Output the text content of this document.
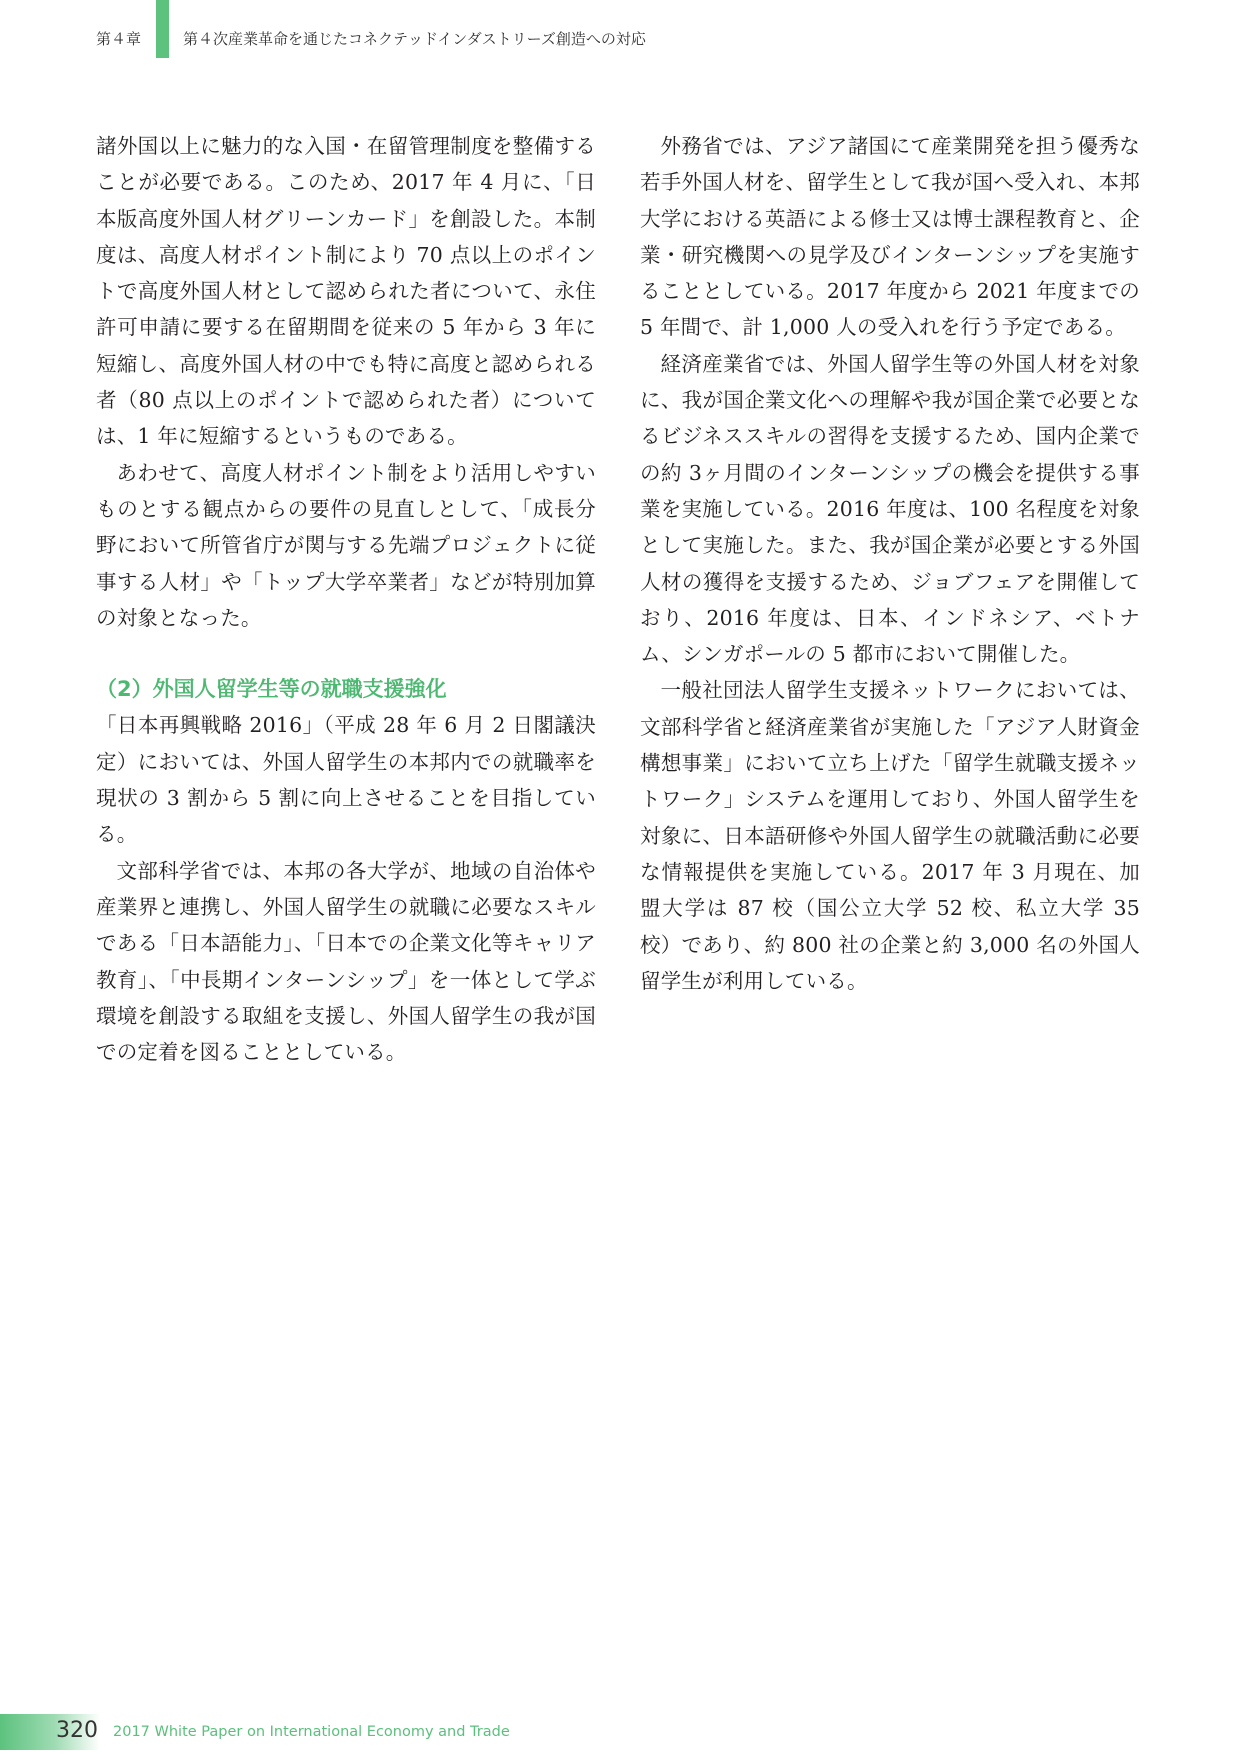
第４章	第４次産業革命を通じたコネクテッドインダストリーズ創造への対応

諸外国以上に魅力的な入国・在留管理制度を整備することが必要である。このため、2017 年 4 月に、「日本版高度外国人材グリーンカード」を創設した。本制度は、高度人材ポイント制により 70 点以上のポイントで高度外国人材として認められた者について、永住許可申請に要する在留期間を従来の 5 年から 3 年に短縮し、高度外国人材の中でも特に高度と認められる者（80 点以上のポイントで認められた者）については、1 年に短縮するというものである。

あわせて、高度人材ポイント制をより活用しやすいものとする観点からの要件の見直しとして、「成長分野において所管省庁が関与する先端プロジェクトに従事する人材」や「トップ大学卒業者」などが特別加算の対象となった。

（2）外国人留学生等の就職支援強化

「日本再興戦略 2016」（平成 28 年 6 月 2 日閣議決定）においては、外国人留学生の本邦内での就職率を現状の 3 割から 5 割に向上させることを目指している。

文部科学省では、本邦の各大学が、地域の自治体や産業界と連携し、外国人留学生の就職に必要なスキルである「日本語能力」、「日本での企業文化等キャリア教育」、「中長期インターンシップ」を一体として学ぶ環境を創設する取組を支援し、外国人留学生の我が国での定着を図ることとしている。

外務省では、アジア諸国にて産業開発を担う優秀な若手外国人材を、留学生として我が国へ受入れ、本邦大学における英語による修士又は博士課程教育と、企業・研究機関への見学及びインターンシップを実施することとしている。2017 年度から 2021 年度までの 5 年間で、計 1,000 人の受入れを行う予定である。

経済産業省では、外国人留学生等の外国人材を対象に、我が国企業文化への理解や我が国企業で必要となるビジネススキルの習得を支援するため、国内企業での約 3ヶ月間のインターンシップの機会を提供する事業を実施している。2016 年度は、100 名程度を対象として実施した。また、我が国企業が必要とする外国人材の獲得を支援するため、ジョブフェアを開催しており、2016 年度は、日本、インドネシア、ベトナム、シンガポールの 5 都市において開催した。

一般社団法人留学生支援ネットワークにおいては、文部科学省と経済産業省が実施した「アジア人財資金構想事業」において立ち上げた「留学生就職支援ネットワーク」システムを運用しており、外国人留学生を対象に、日本語研修や外国人留学生の就職活動に必要な情報提供を実施している。2017 年 3 月現在、加盟大学は 87 校（国公立大学 52 校、私立大学 35 校）であり、約 800 社の企業と約 3,000 名の外国人留学生が利用している。

320 2017 White Paper on International Economy and Trade
